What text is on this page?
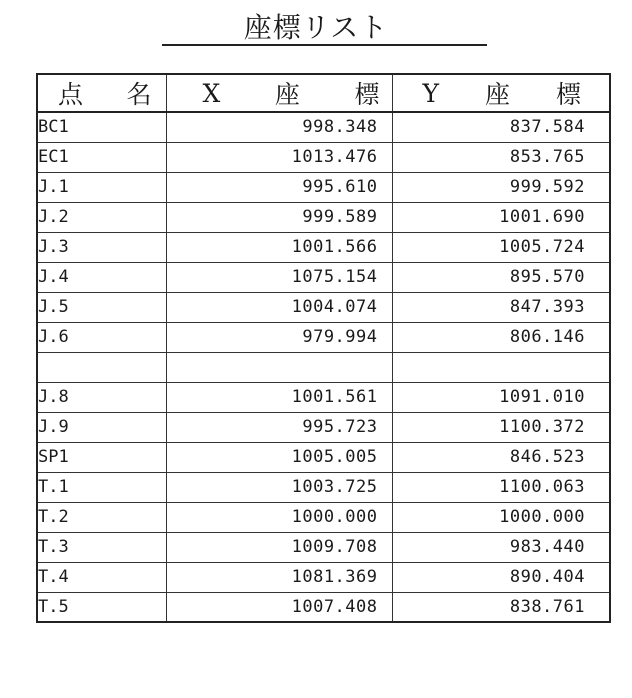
座標リスト
点 名	X 座 標	Y 座 標

BC1	998.348	837.584
EC1	1013.476	853.765
J.1	995.610	999.592
J.2	999.589	1001.690
J.3	1001.566	1005.724
J.4	1075.154	895.570
J.5	1004.074	847.393
J.6	979.994	806.146

J.8	1001.561	1091.010
J.9	995.723	1100.372
SP1	1005.005	846.523
T.1	1003.725	1100.063
T.2	1000.000	1000.000
T.3	1009.708	983.440
T.4	1081.369	890.404
T.5	1007.408	838.761
